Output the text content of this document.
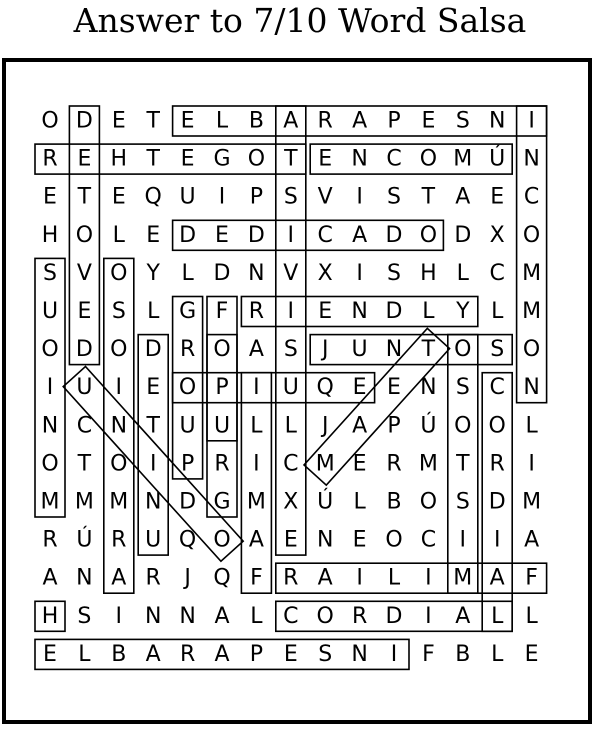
Answer to 7/10 Word Salsa
O D E T E L B A R A P E S N I
R E H T E G O T E N C O M Ú N
E T E Q U I P S V I S T A E C
H O L E D E D I C A D O D X O
S V O Y L D N V X I S H L C M
U E S L G F R I E N D L Y L M
O D O D R O A S J U N T O S O
I U I E O P I U Q E E N S C N
N C N T U U L L J A P Ú O O L
O T O I P R I C M E R M T R I
M M M N D G M X Ú L B O S D M
R Ú R U Q O A E N E O C I I A
A N A R J Q F R A I L I M A F
H S I N N A L C O R D I A L L
E L B A R A P E S N I F B L E
